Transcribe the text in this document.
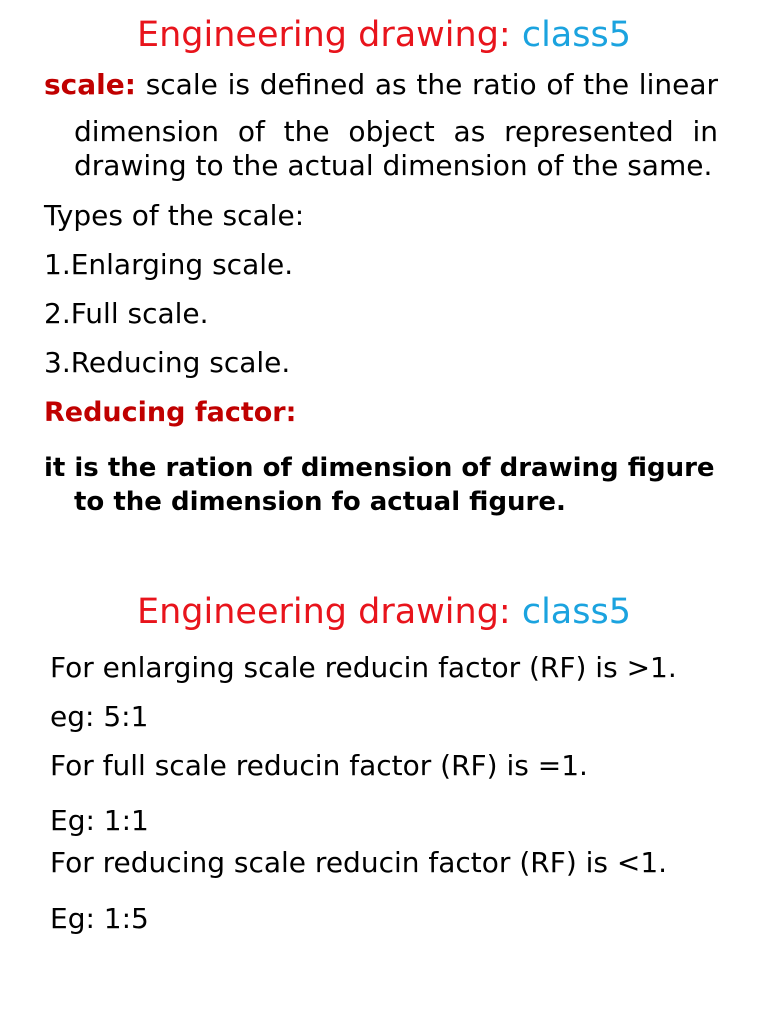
Engineering drawing: class5

scale: scale is defined as the ratio of the linear

dimension of the object as represented in

drawing to the actual dimension of the same.

Types of the scale:

1.Enlarging scale.

2.Full scale.

3.Reducing scale.

Reducing factor:

it is the ration of dimension of drawing figure

to the dimension fo actual figure.

Engineering drawing: class5

For enlarging scale reducin factor (RF) is >1.

eg: 5:1

For full scale reducin factor (RF) is =1.

Eg: 1:1

For reducing scale reducin factor (RF) is <1.

Eg: 1:5
